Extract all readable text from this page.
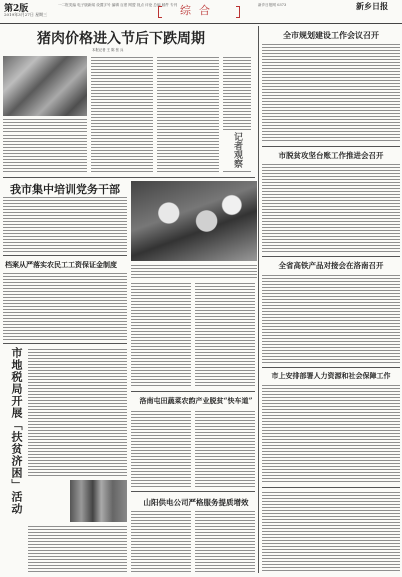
第2版
2019年3月27日 星期三
一二报类编 电子版新闻 设置字号 编辑 百度 网盟 视点 评论 总编 邮件 专刊 综合	新乡日报网 0373	新乡日报
猪肉价格进入节后下跌周期
本报记者 王 陈 张 兵
记者观察
我市集中培训党务干部
档案从严落实农民工工资保证金制度
市地税局开展「扶贫济困」活动	洛南屯田蔬菜农韵产业脱贫“快车道”
山阳供电公司严格服务提质增效
全市规划建设工作会议召开
市脱贫攻坚台账工作推进会召开
全省高铁产品对接会在洛南召开
市上安排部署人力资源和社会保障工作
